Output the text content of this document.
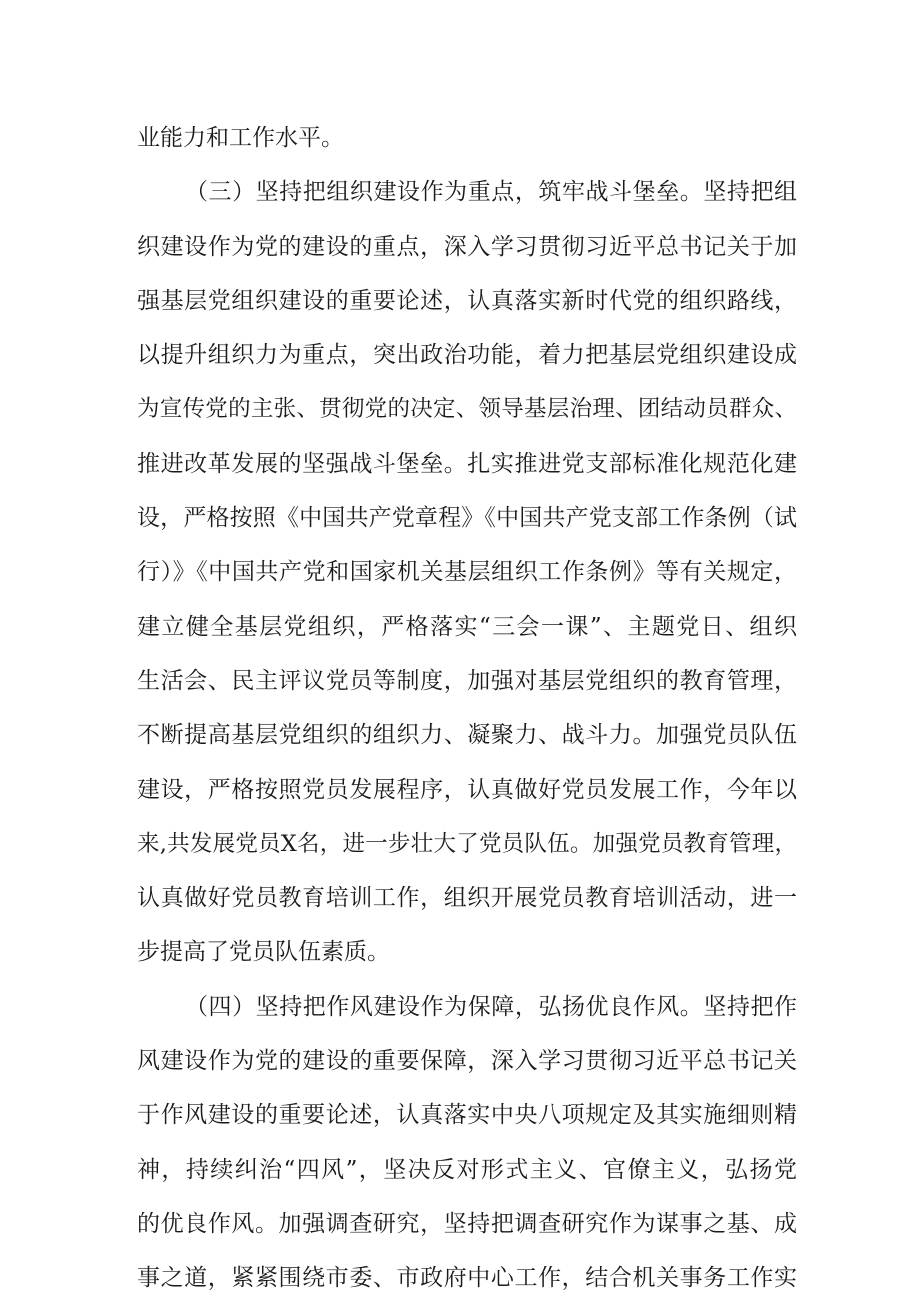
业能力和工作水平。
（三）坚持把组织建设作为重点，筑牢战斗堡垒。坚持把组
织建设作为党的建设的重点，深入学习贯彻习近平总书记关于加
强基层党组织建设的重要论述，认真落实新时代党的组织路线，
以提升组织力为重点，突出政治功能，着力把基层党组织建设成
为宣传党的主张、贯彻党的决定、领导基层治理、团结动员群众、
推进改革发展的坚强战斗堡垒。扎实推进党支部标准化规范化建
设，严格按照《中国共产党章程》《中国共产党支部工作条例（试
行）》《中国共产党和国家机关基层组织工作条例》等有关规定，
建立健全基层党组织，严格落实“三会一课”、主题党日、组织
生活会、民主评议党员等制度，加强对基层党组织的教育管理，
不断提高基层党组织的组织力、凝聚力、战斗力。加强党员队伍
建设，严格按照党员发展程序，认真做好党员发展工作，今年以
来,共发展党员X名，进一步壮大了党员队伍。加强党员教育管理，
认真做好党员教育培训工作，组织开展党员教育培训活动，进一
步提高了党员队伍素质。
（四）坚持把作风建设作为保障，弘扬优良作风。坚持把作
风建设作为党的建设的重要保障，深入学习贯彻习近平总书记关
于作风建设的重要论述，认真落实中央八项规定及其实施细则精
神，持续纠治“四风”，坚决反对形式主义、官僚主义，弘扬党
的优良作风。加强调查研究，坚持把调查研究作为谋事之基、成
事之道，紧紧围绕市委、市政府中心工作，结合机关事务工作实
